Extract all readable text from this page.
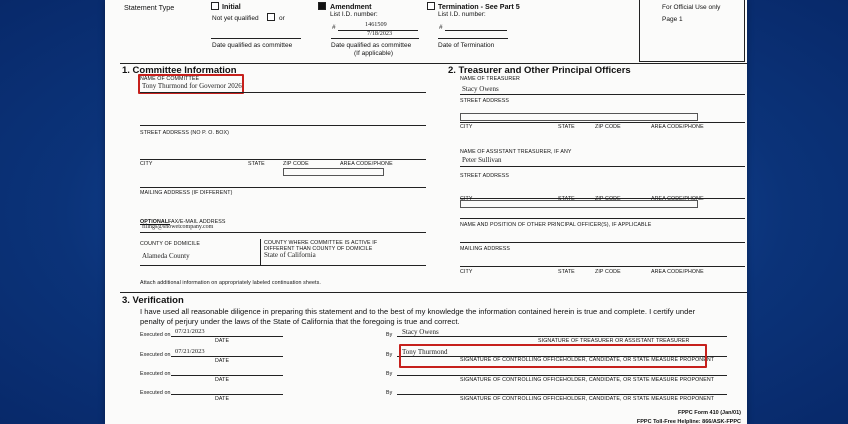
Statement Type	Initial
Not yet qualified	or
Date qualified as committee
Amendment
List I.D. number:
#	1461509
7/18/2023
Date qualified as committee
(If applicable)
Termination - See Part 5
List I.D. number:
#
Date of Termination
For Official Use only
Page 1
1. Committee Information
NAME OF COMMITTEE
Tony Thurmond for Governor 2026
STREET ADDRESS (NO P. O. BOX)
CITY	STATE	ZIP CODE	AREA CODE/PHONE
MAILING ADDRESS (IF DIFFERENT)
OPTIONAL:
FAX/E-MAIL ADDRESS
filings@snowetcompany.com
COUNTY OF DOMICILE
Alameda County
COUNTY WHERE COMMITTEE IS ACTIVE IF DIFFERENT THAN COUNTY OF DOMICILE
State of California
Attach additional information on appropriately labeled continuation sheets.
2. Treasurer and Other Principal Officers
NAME OF TREASURER
Stacy Owens
STREET ADDRESS
CITY	STATE	ZIP CODE	AREA CODE/PHONE
NAME OF ASSISTANT TREASURER, IF ANY
Peter Sullivan
STREET ADDRESS
CITY	STATE	ZIP CODE	AREA CODE/PHONE
NAME AND POSITION OF OTHER PRINCIPAL OFFICER(S), IF APPLICABLE
MAILING ADDRESS
CITY	STATE	ZIP CODE	AREA CODE/PHONE
3. Verification
I have used all reasonable diligence in preparing this statement and to the best of my knowledge the information contained herein is true and complete. I certify under
penalty of perjury under the laws of the State of California that the foregoing is true and correct.
Executed on 07/21/2023
DATE
By Stacy Owens
SIGNATURE OF TREASURER OR ASSISTANT TREASURER
Executed on 07/21/2023
DATE
By Tony Thurmond
SIGNATURE OF CONTROLLING OFFICEHOLDER, CANDIDATE, OR STATE MEASURE PROPONENT
Executed on
DATE
By
SIGNATURE OF CONTROLLING OFFICEHOLDER, CANDIDATE, OR STATE MEASURE PROPONENT
Executed on
DATE
By
SIGNATURE OF CONTROLLING OFFICEHOLDER, CANDIDATE, OR STATE MEASURE PROPONENT
FPPC Form 410 (Jan/01)
FPPC Toll-Free Helpline: 866/ASK-FPPC
